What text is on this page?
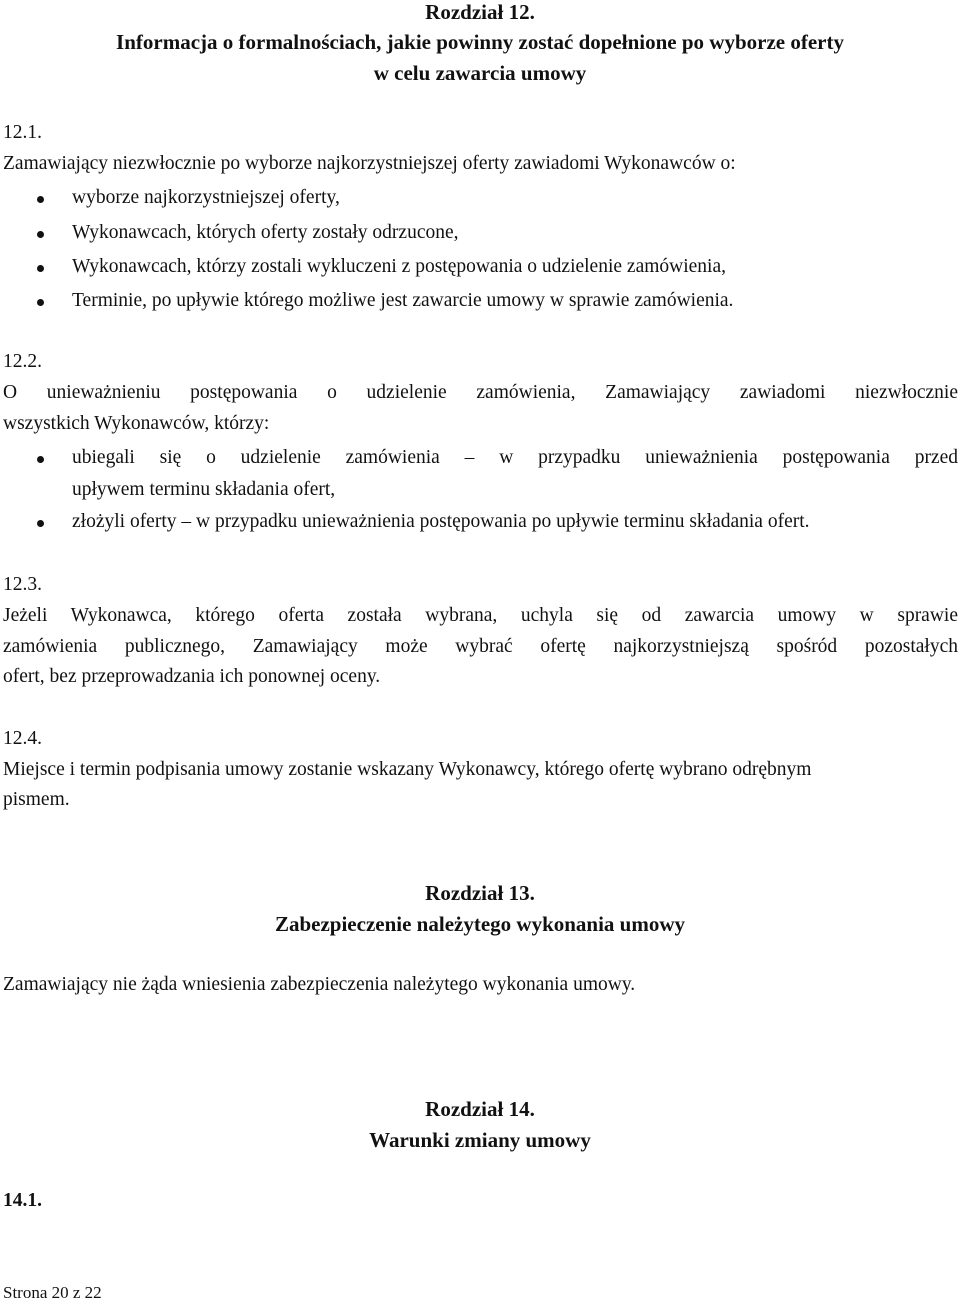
Rozdział 12.
Informacja o formalnościach, jakie powinny zostać dopełnione po wyborze oferty
w celu zawarcia umowy
12.1.
Zamawiający niezwłocznie po wyborze najkorzystniejszej oferty zawiadomi Wykonawców o:
wyborze najkorzystniejszej oferty,
Wykonawcach, których oferty zostały odrzucone,
Wykonawcach, którzy zostali wykluczeni z postępowania o udzielenie zamówienia,
Terminie, po upływie którego możliwe jest zawarcie umowy w sprawie zamówienia.
12.2.
O unieważnieniu postępowania o udzielenie zamówienia, Zamawiający zawiadomi niezwłocznie
wszystkich Wykonawców, którzy:
ubiegali się o udzielenie zamówienia – w przypadku unieważnienia postępowania przed
upływem terminu składania ofert,
złożyli oferty – w przypadku unieważnienia postępowania po upływie terminu składania ofert.
12.3.
Jeżeli Wykonawca, którego oferta została wybrana, uchyla się od zawarcia umowy w sprawie
zamówienia publicznego, Zamawiający może wybrać ofertę najkorzystniejszą spośród pozostałych
ofert, bez przeprowadzania ich ponownej oceny.
12.4.
Miejsce i termin podpisania umowy zostanie wskazany Wykonawcy, którego ofertę wybrano odrębnym
pismem.
Rozdział 13.
Zabezpieczenie należytego wykonania umowy
Zamawiający nie żąda wniesienia zabezpieczenia należytego wykonania umowy.
Rozdział 14.
Warunki zmiany umowy
14.1.
Strona 20 z 22
